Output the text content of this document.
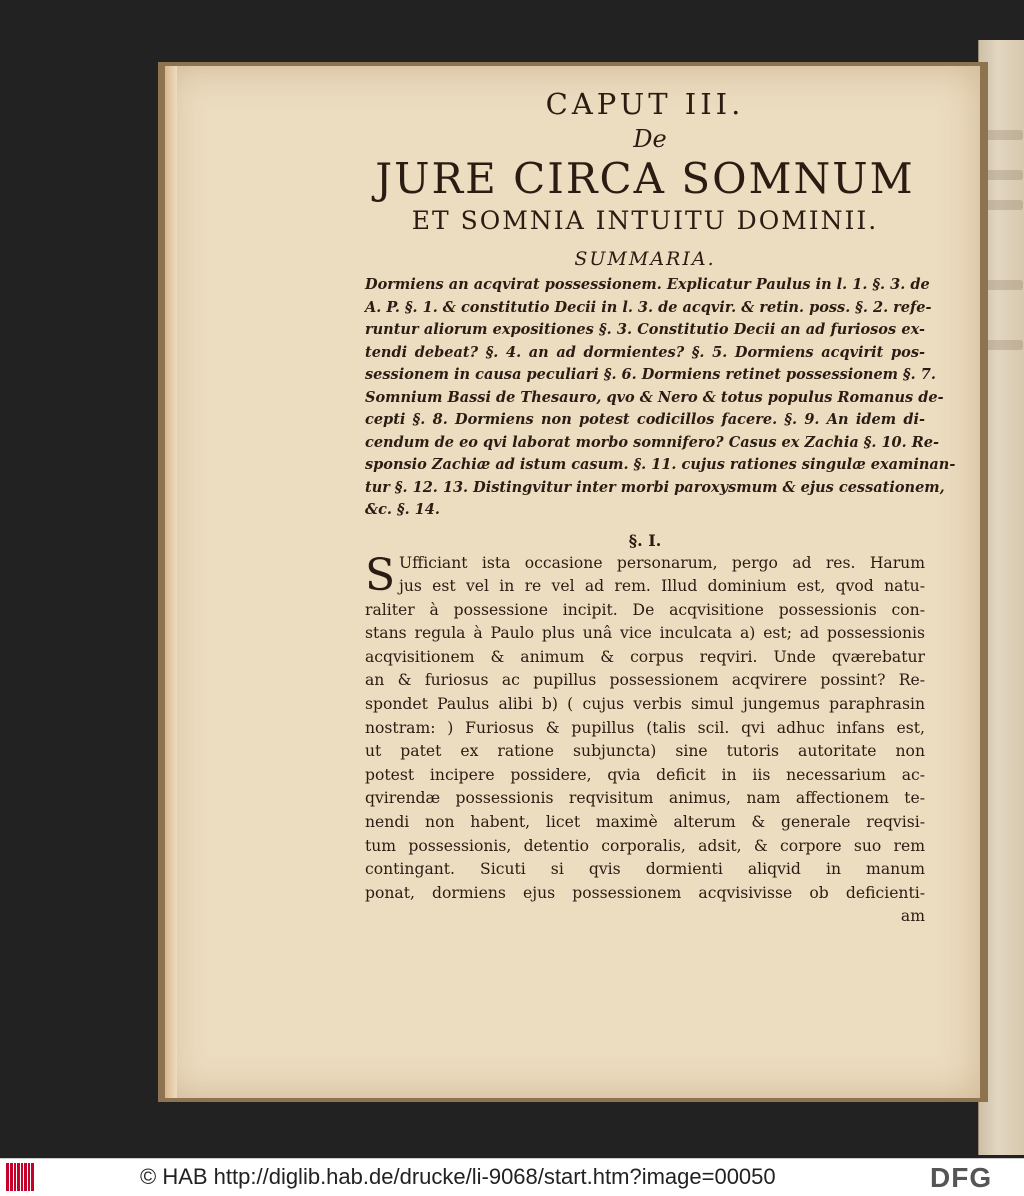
CAPUT III.

De

JURE CIRCA SOMNUM

ET SOMNIA INTUITU DOMINII.

SUMMARIA.

Dormiens an acqvirat possessionem. Explicatur Paulus in l. 1. §. 3. de
A. P. §. 1. & constitutio Decii in l. 3. de acqvir. & retin. poss. §. 2. refe-
runtur aliorum expositiones §. 3. Constitutio Decii an ad furiosos ex-
tendi debeat? §. 4. an ad dormientes? §. 5. Dormiens acqvirit pos-
sessionem in causa peculiari §. 6. Dormiens retinet possessionem §. 7.
Somnium Bassi de Thesauro, qvo & Nero & totus populus Romanus de-
cepti §. 8. Dormiens non potest codicillos facere. §. 9. An idem di-
cendum de eo qvi laborat morbo somnifero? Casus ex Zachia §. 10. Re-
sponsio Zachiæ ad istum casum. §. 11. cujus rationes singulæ examinan-
tur §. 12. 13. Distingvitur inter morbi paroxysmum & ejus cessationem,
&c. §. 14.

§. I.

S Ufficiant ista occasione personarum, pergo ad res. Harum
jus est vel in re vel ad rem. Illud dominium est, qvod natu-
raliter à possessione incipit. De acqvisitione possessionis con-
stans regula à Paulo plus unâ vice inculcata a) est; ad possessionis
acqvisitionem & animum & corpus reqviri. Unde qværebatur
an & furiosus ac pupillus possessionem acqvirere possint? Re-
spondet Paulus alibi b) ( cujus verbis simul jungemus paraphrasin
nostram: ) Furiosus & pupillus (talis scil. qvi adhuc infans est,
ut patet ex ratione subjuncta) sine tutoris autoritate non
potest incipere possidere, qvia deficit in iis necessarium ac-
qvirendæ possessionis reqvisitum animus, nam affectionem te-
nendi non habent, licet maximè alterum & generale reqvisi-
tum possessionis, detentio corporalis, adsit, & corpore suo rem
contingant. Sicuti si qvis dormienti aliqvid in manum
ponat, dormiens ejus possessionem acqvisivisse ob deficienti-

am

© HAB http://diglib.hab.de/drucke/li-9068/start.htm?image=00050	DFG
